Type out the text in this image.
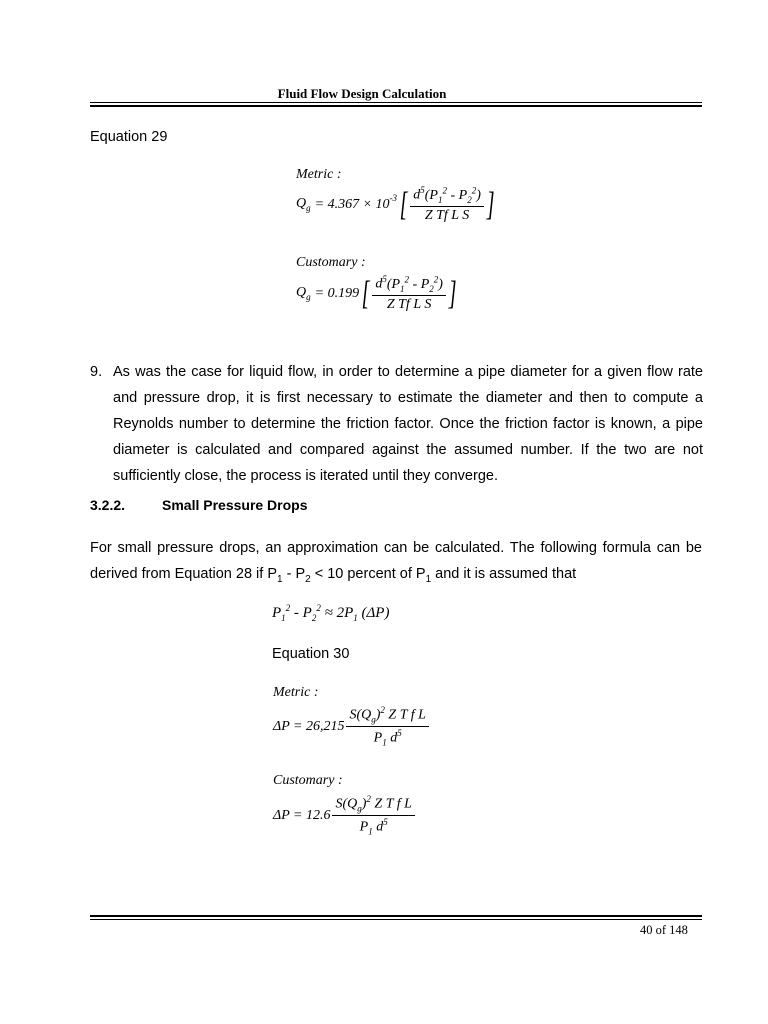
Fluid Flow Design Calculation
Equation 29
Metric :
$Q_g = 4.367 \times 10^{-3}$ [ $\frac{d^5(P_1^2 - P_2^2)}{\text{Z Tf L S}}$ ]
Customary :
$Q_g = 0.199$ [ $\frac{d^5(P_1^2 - P_2^2)}{\text{Z Tf L S}}$ ]
9. As was the case for liquid flow, in order to determine a pipe diameter for a given flow rate and pressure drop, it is first necessary to estimate the diameter and then to compute a Reynolds number to determine the friction factor. Once the friction factor is known, a pipe diameter is calculated and compared against the assumed number. If the two are not sufficiently close, the process is iterated until they converge.
3.2.2.	Small Pressure Drops
For small pressure drops, an approximation can be calculated. The following formula can be derived from Equation 28 if $P_1 - P_2 < 10$ percent of $P_1$ and it is assumed that
$P_1^2 - P_2^2 \approx 2P_1$ (ΔP)
Equation 30
Metric :
$\Delta P = 26,215 \frac{S(Q_g)^2 Z T f L}{P_1 d^5}$
Customary :
$\Delta P = 12.6 \frac{S(Q_g)^2 Z T f L}{P_1 d^5}$
40 of 148
